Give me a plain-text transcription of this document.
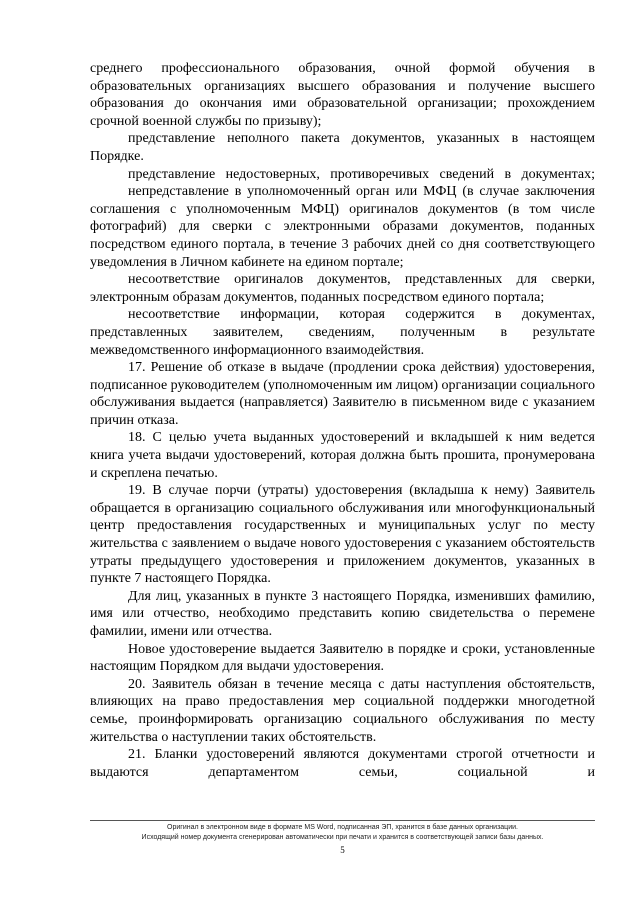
среднего профессионального образования, очной формой обучения в образовательных организациях высшего образования и получение высшего образования до окончания ими образовательной организации; прохождением срочной военной службы по призыву);

представление неполного пакета документов, указанных в настоящем Порядке.

представление недостоверных, противоречивых сведений в документах;

непредставление в уполномоченный орган или МФЦ (в случае заключения соглашения с уполномоченным МФЦ) оригиналов документов (в том числе фотографий) для сверки с электронными образами документов, поданных посредством единого портала, в течение 3 рабочих дней со дня соответствующего уведомления в Личном кабинете на едином портале;

несоответствие оригиналов документов, представленных для сверки, электронным образам документов, поданных посредством единого портала;

несоответствие информации, которая содержится в документах, представленных заявителем, сведениям, полученным в результате межведомственного информационного взаимодействия.

17. Решение об отказе в выдаче (продлении срока действия) удостоверения, подписанное руководителем (уполномоченным им лицом) организации социального обслуживания выдается (направляется) Заявителю в письменном виде с указанием причин отказа.

18. С целью учета выданных удостоверений и вкладышей к ним ведется книга учета выдачи удостоверений, которая должна быть прошита, пронумерована и скреплена печатью.

19. В случае порчи (утраты) удостоверения (вкладыша к нему) Заявитель обращается в организацию социального обслуживания или многофункциональный центр предоставления государственных и муниципальных услуг по месту жительства с заявлением о выдаче нового удостоверения с указанием обстоятельств утраты предыдущего удостоверения и приложением документов, указанных в пункте 7 настоящего Порядка.

Для лиц, указанных в пункте 3 настоящего Порядка, изменивших фамилию, имя или отчество, необходимо представить копию свидетельства о перемене фамилии, имени или отчества.

Новое удостоверение выдается Заявителю в порядке и сроки, установленные настоящим Порядком для выдачи удостоверения.

20. Заявитель обязан в течение месяца с даты наступления обстоятельств, влияющих на право предоставления мер социальной поддержки многодетной семье, проинформировать организацию социального обслуживания по месту жительства о наступлении таких обстоятельств.

21. Бланки удостоверений являются документами строгой отчетности и выдаются департаментом семьи, социальной и

Оригинал в электронном виде в формате MS Word, подписанная ЭП, хранится в базе данных организации.
Исходящий номер документа сгенерирован автоматически при печати и хранится в соответствующей записи базы данных.
5
